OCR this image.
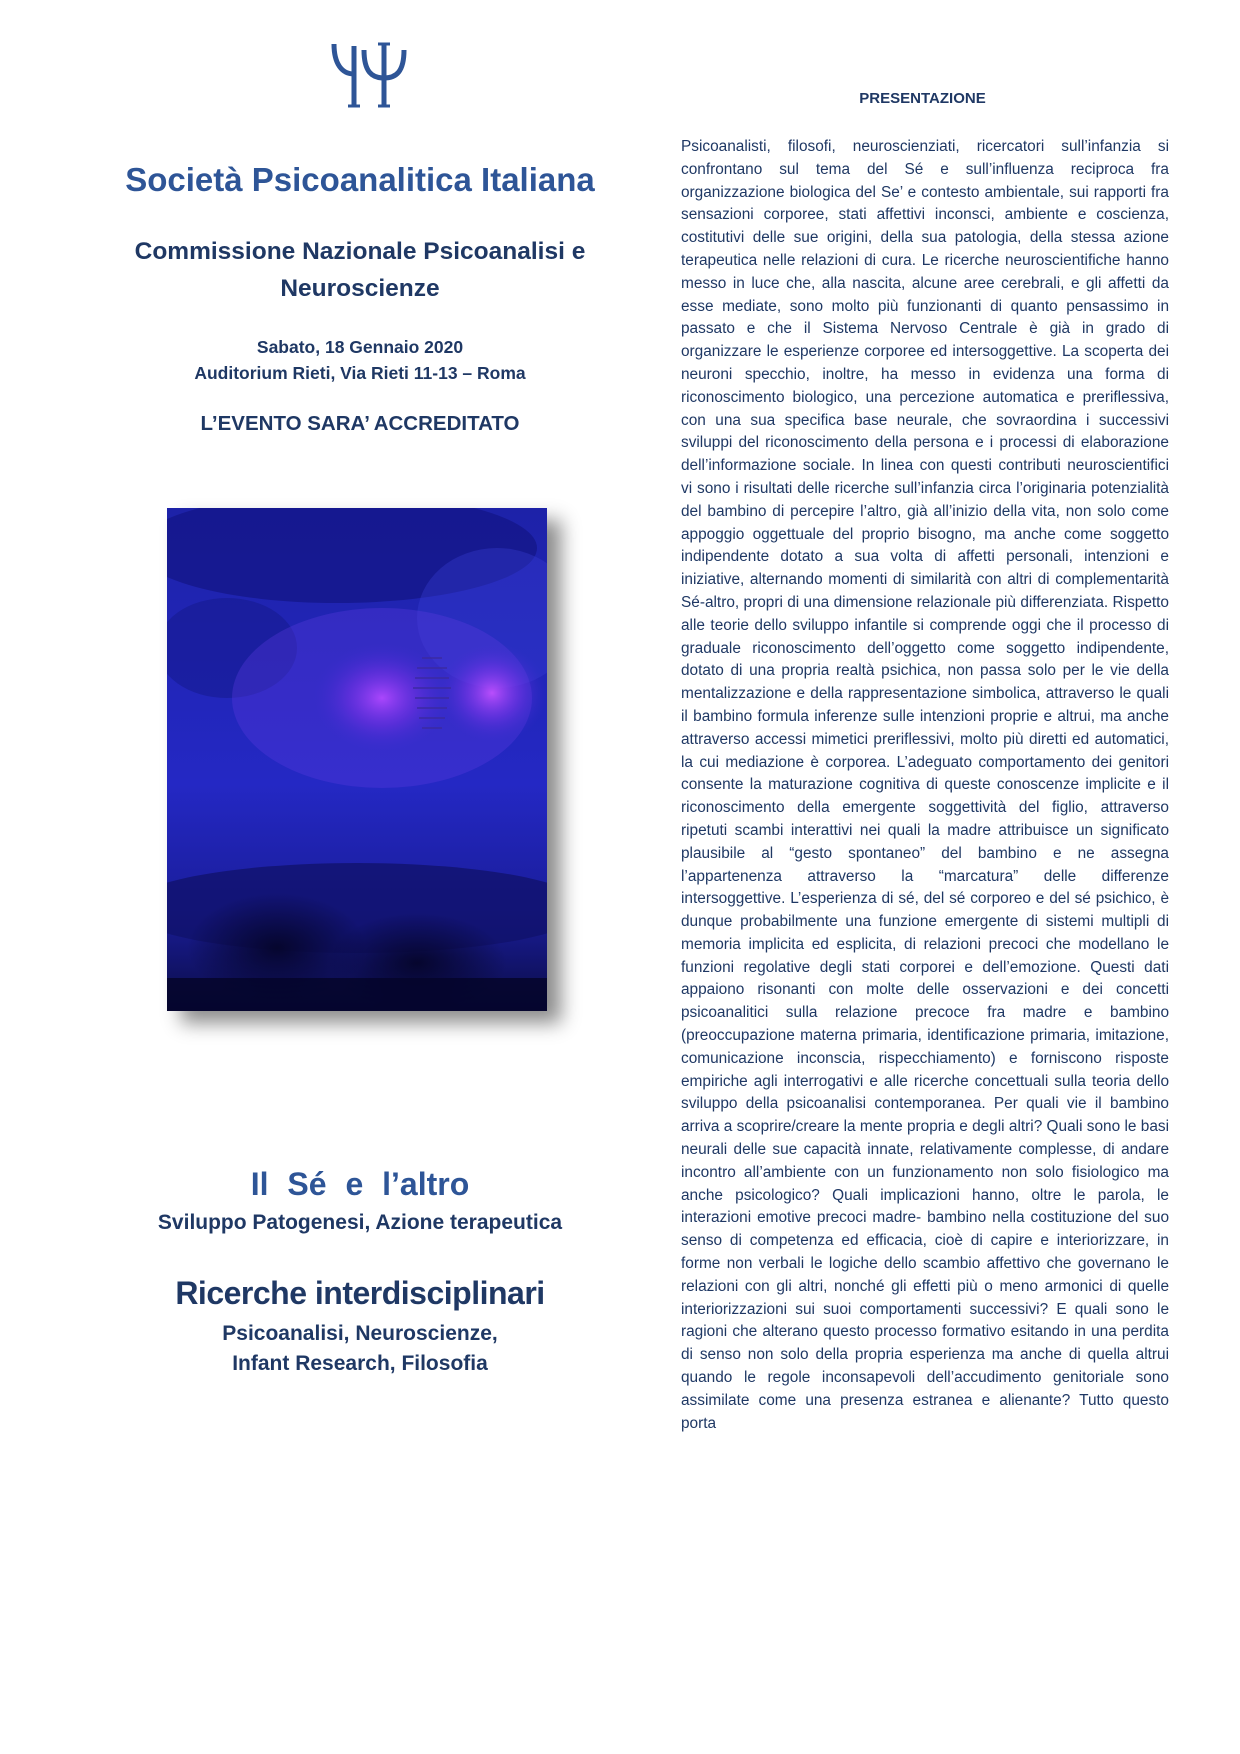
Società Psicoanalitica Italiana
Commissione Nazionale Psicoanalisi e
Neuroscienze
Sabato, 18 Gennaio 2020
Auditorium Rieti, Via Rieti 11-13 – Roma
L’EVENTO SARA’ ACCREDITATO
Il Sé e l’altro
Sviluppo Patogenesi, Azione terapeutica
Ricerche interdisciplinari
Psicoanalisi, Neuroscienze,
Infant Research, Filosofia
PRESENTAZIONE

Psicoanalisti, filosofi, neuroscienziati, ricercatori sull’infanzia si confrontano sul tema del Sé e sull’influenza reciproca fra organizzazione biologica del Se’ e contesto ambientale, sui rapporti fra sensazioni corporee, stati affettivi inconsci, ambiente e coscienza, costitutivi delle sue origini, della sua patologia, della stessa azione terapeutica nelle relazioni di cura. Le ricerche neuroscientifiche hanno messo in luce che, alla nascita, alcune aree cerebrali, e gli affetti da esse mediate, sono molto più funzionanti di quanto pensassimo in passato e che il Sistema Nervoso Centrale è già in grado di organizzare le esperienze corporee ed intersoggettive. La scoperta dei neuroni specchio, inoltre, ha messo in evidenza una forma di riconoscimento biologico, una percezione automatica e preriflessiva, con una sua specifica base neurale, che sovraordina i successivi sviluppi del riconoscimento della persona e i processi di elaborazione dell’informazione sociale. In linea con questi contributi neuroscientifici vi sono i risultati delle ricerche sull’infanzia circa l’originaria potenzialità del bambino di percepire l’altro, già all’inizio della vita, non solo come appoggio oggettuale del proprio bisogno, ma anche come soggetto indipendente dotato a sua volta di affetti personali, intenzioni e iniziative, alternando momenti di similarità con altri di complementarità Sé-altro, propri di una dimensione relazionale più differenziata. Rispetto alle teorie dello sviluppo infantile si comprende oggi che il processo di graduale riconoscimento dell’oggetto come soggetto indipendente, dotato di una propria realtà psichica, non passa solo per le vie della mentalizzazione e della rappresentazione simbolica, attraverso le quali il bambino formula inferenze sulle intenzioni proprie e altrui, ma anche attraverso accessi mimetici preriflessivi, molto più diretti ed automatici, la cui mediazione è corporea. L’adeguato comportamento dei genitori consente la maturazione cognitiva di queste conoscenze implicite e il riconoscimento della emergente soggettività del figlio, attraverso ripetuti scambi interattivi nei quali la madre attribuisce un significato plausibile al “gesto spontaneo” del bambino e ne assegna l’appartenenza attraverso la “marcatura” delle differenze intersoggettive. L’esperienza di sé, del sé corporeo e del sé psichico, è dunque probabilmente una funzione emergente di sistemi multipli di memoria implicita ed esplicita, di relazioni precoci che modellano le funzioni regolative degli stati corporei e dell’emozione. Questi dati appaiono risonanti con molte delle osservazioni e dei concetti psicoanalitici sulla relazione precoce fra madre e bambino (preoccupazione materna primaria, identificazione primaria, imitazione, comunicazione inconscia, rispecchiamento) e forniscono risposte empiriche agli interrogativi e alle ricerche concettuali sulla teoria dello sviluppo della psicoanalisi contemporanea. Per quali vie il bambino arriva a scoprire/creare la mente propria e degli altri? Quali sono le basi neurali delle sue capacità innate, relativamente complesse, di andare incontro all’ambiente con un funzionamento non solo fisiologico ma anche psicologico? Quali implicazioni hanno, oltre le parola, le interazioni emotive precoci madre- bambino nella costituzione del suo senso di competenza ed efficacia, cioè di capire e interiorizzare, in forme non verbali le logiche dello scambio affettivo che governano le relazioni con gli altri, nonché gli effetti più o meno armonici di quelle interiorizzazioni sui suoi comportamenti successivi? E quali sono le ragioni che alterano questo processo formativo esitando in una perdita di senso non solo della propria esperienza ma anche di quella altrui quando le regole inconsapevoli dell’accudimento genitoriale sono assimilate come una presenza estranea e alienante? Tutto questo porta
